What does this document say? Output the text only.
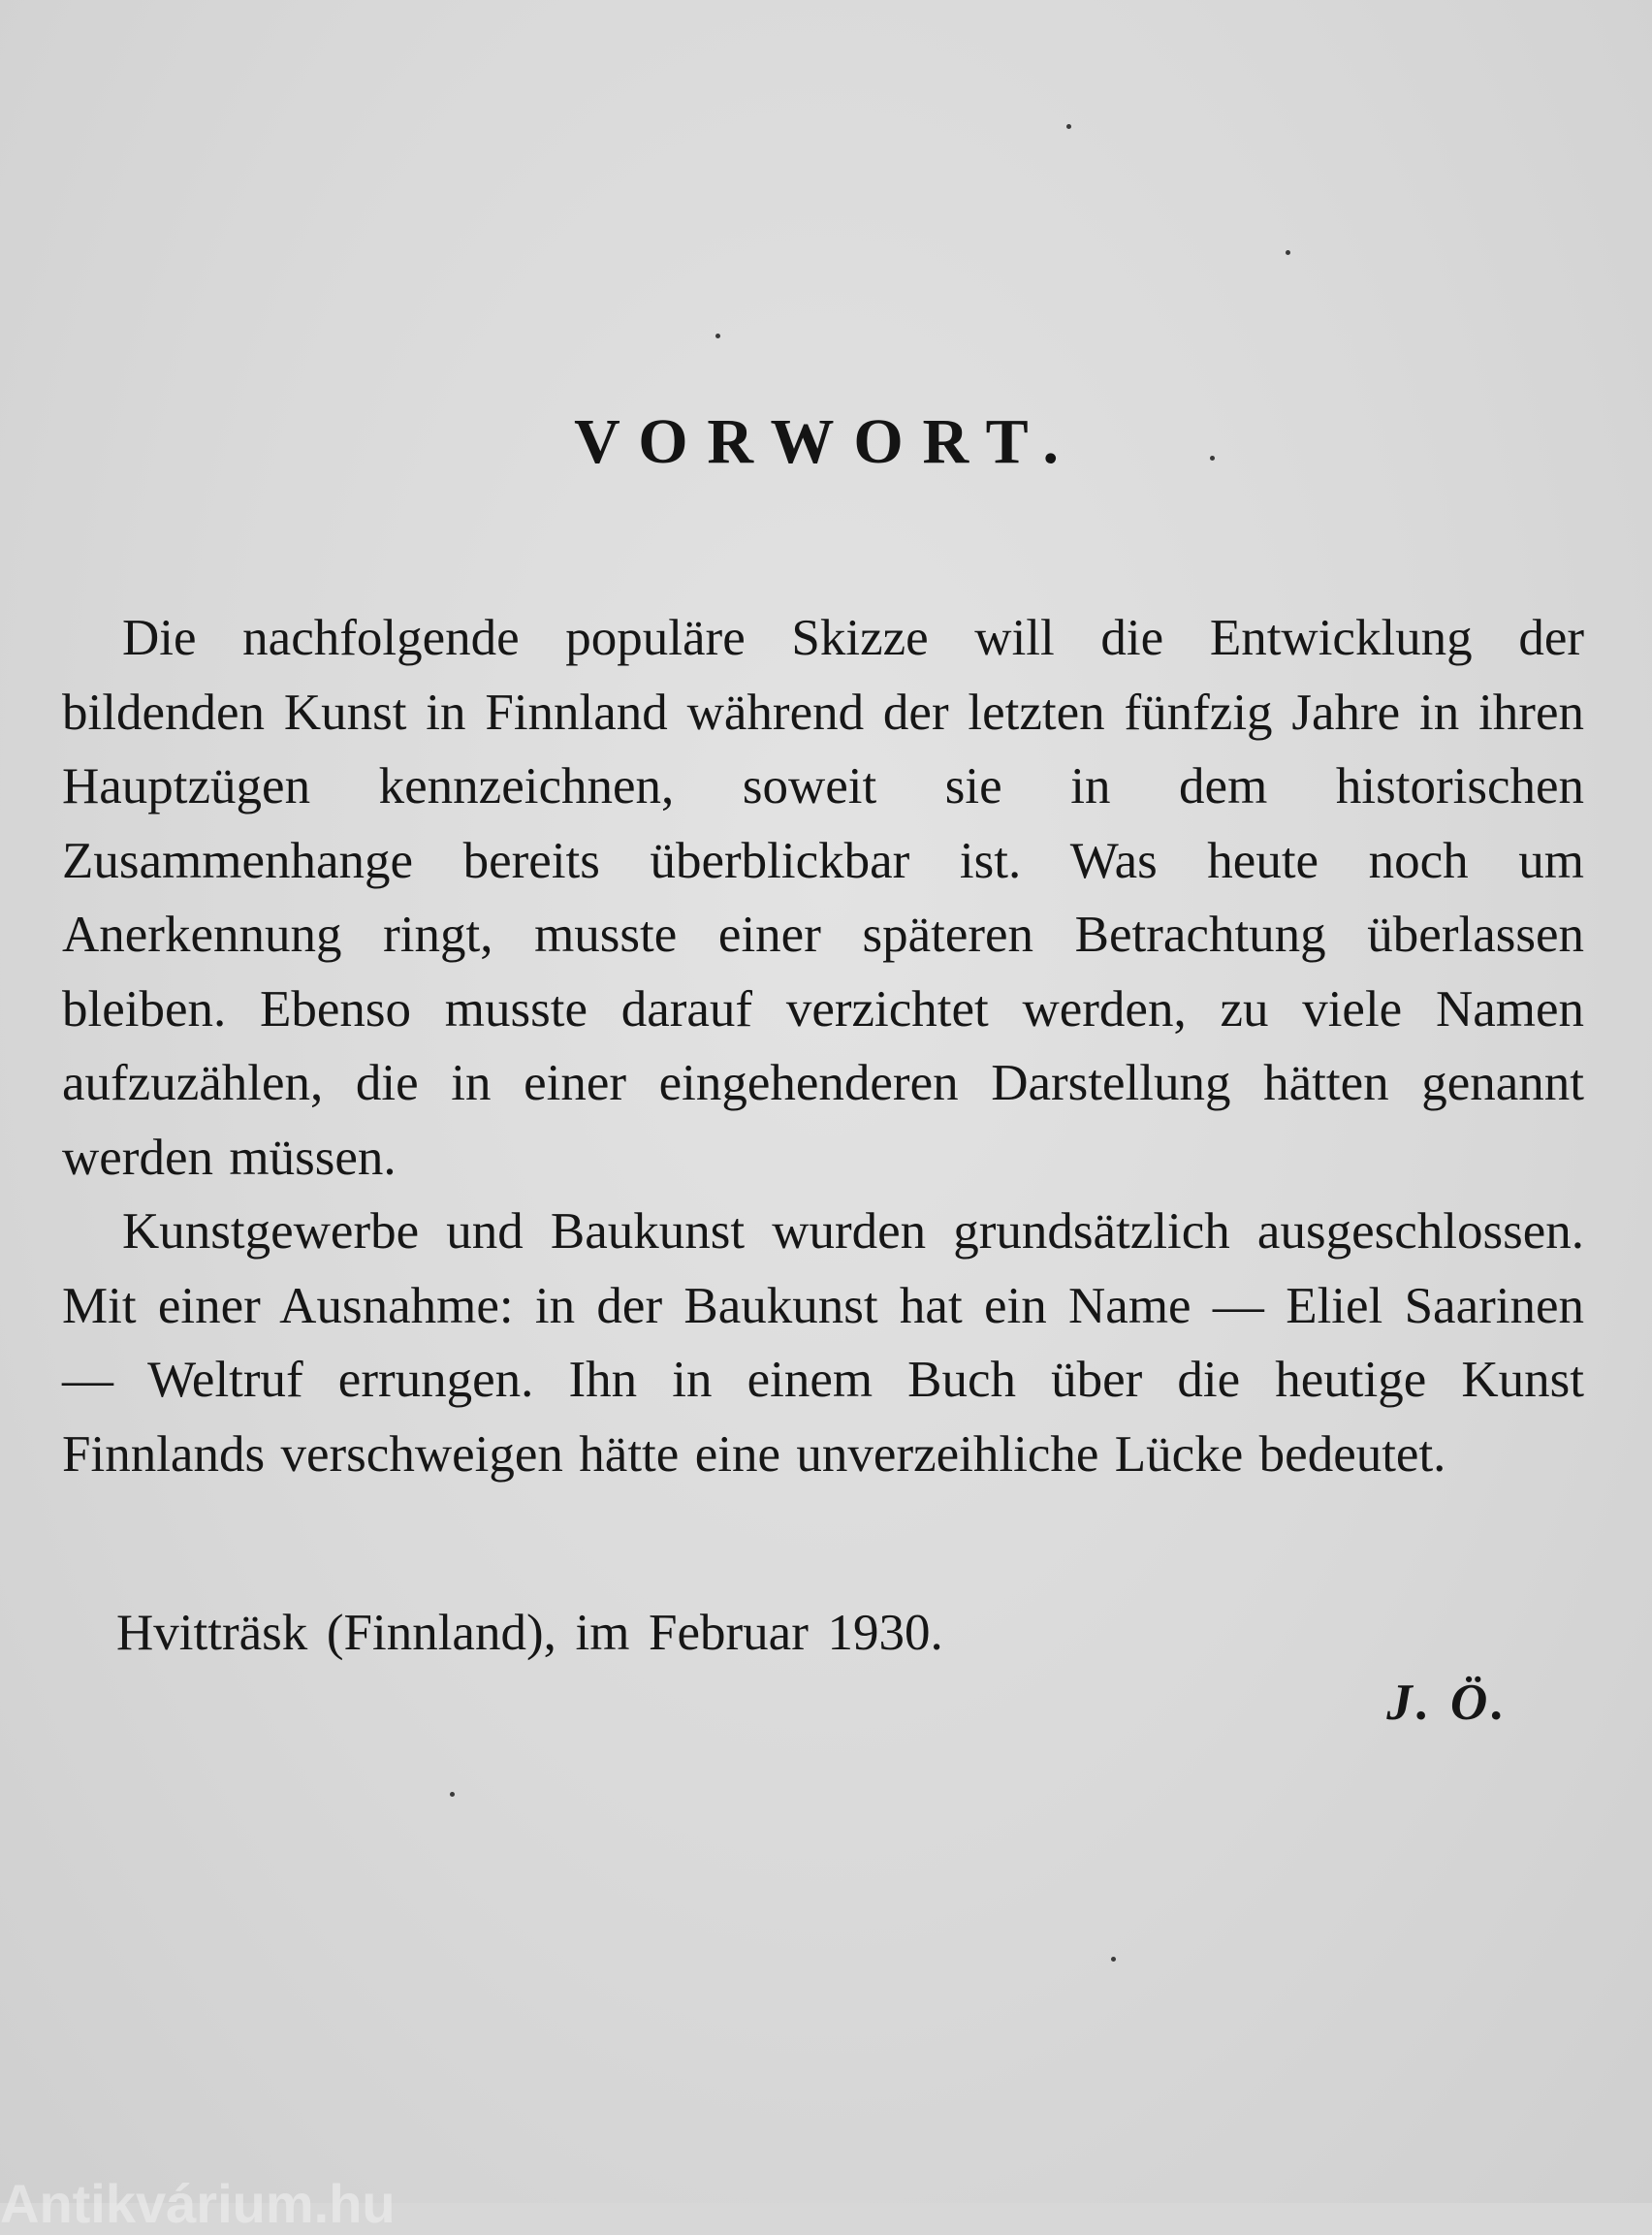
VORWORT.

Die nachfolgende populäre Skizze will die Entwicklung der bildenden Kunst in Finnland während der letzten fünfzig Jahre in ihren Hauptzügen kennzeichnen, soweit sie in dem historischen Zusammenhange bereits überblickbar ist. Was heute noch um Anerkennung ringt, musste einer späteren Betrachtung überlassen bleiben. Ebenso musste darauf verzichtet werden, zu viele Namen aufzuzählen, die in einer eingehenderen Darstellung hätten genannt werden müssen.

Kunstgewerbe und Baukunst wurden grundsätzlich ausgeschlossen. Mit einer Ausnahme: in der Baukunst hat ein Name — Eliel Saarinen — Weltruf errungen. Ihn in einem Buch über die heutige Kunst Finnlands verschweigen hätte eine unverzeihliche Lücke bedeutet.

Hvitträsk (Finnland), im Februar 1930.
J. Ö.
Antikvárium.hu
